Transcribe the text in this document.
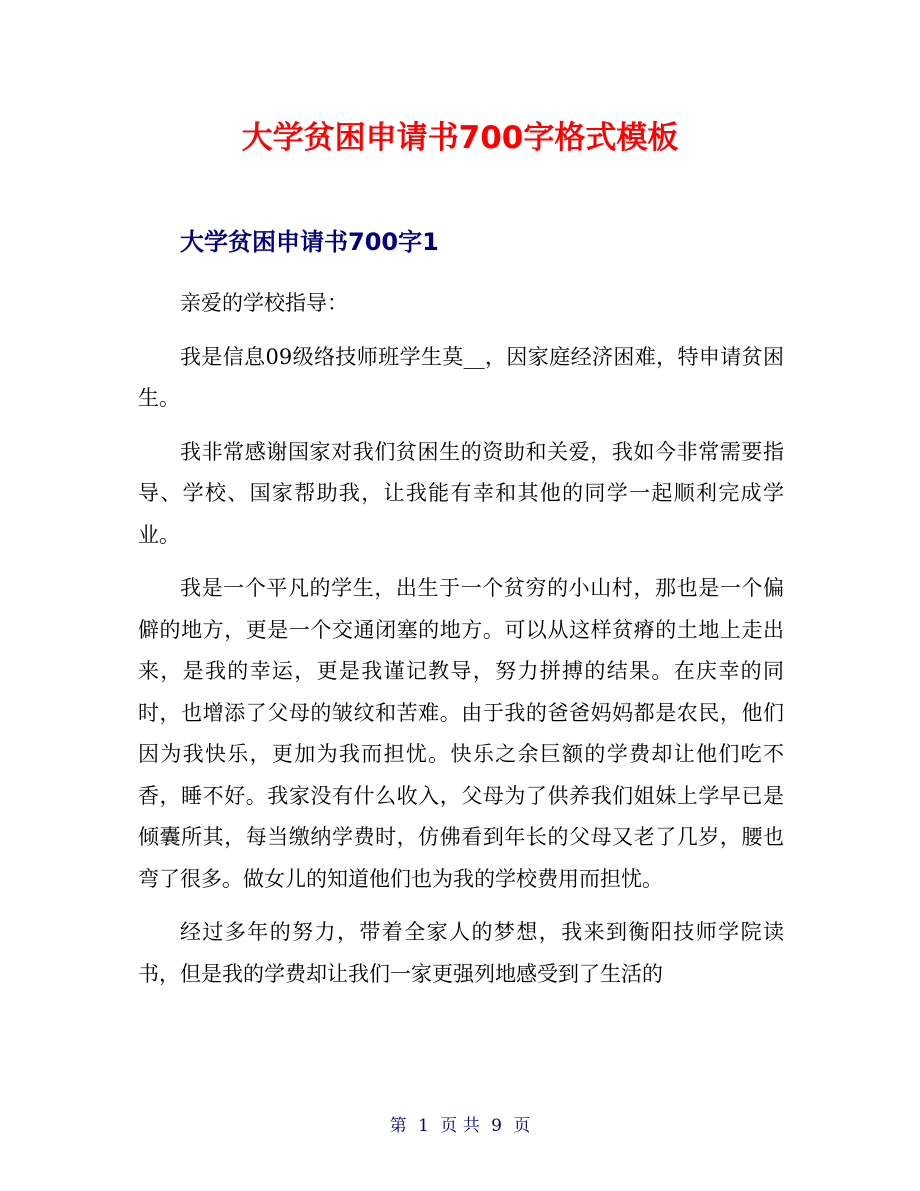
大学贫困申请书700字格式模板
大学贫困申请书700字1

亲爱的学校指导：

我是信息09级络技师班学生莫__，因家庭经济困难，特申请贫困生。

我非常感谢国家对我们贫困生的资助和关爱，我如今非常需要指导、学校、国家帮助我，让我能有幸和其他的同学一起顺利完成学业。

我是一个平凡的学生，出生于一个贫穷的小山村，那也是一个偏僻的地方，更是一个交通闭塞的地方。可以从这样贫瘠的土地上走出来，是我的幸运，更是我谨记教导，努力拼搏的结果。在庆幸的同时，也增添了父母的皱纹和苦难。由于我的爸爸妈妈都是农民，他们因为我快乐，更加为我而担忧。快乐之余巨额的学费却让他们吃不香，睡不好。我家没有什么收入，父母为了供养我们姐妹上学早已是倾囊所其，每当缴纳学费时，仿佛看到年长的父母又老了几岁，腰也弯了很多。做女儿的知道他们也为我的学校费用而担忧。

经过多年的努力，带着全家人的梦想，我来到衡阳技师学院读书，但是我的学费却让我们一家更强列地感受到了生活的

第 1 页 共 9 页
